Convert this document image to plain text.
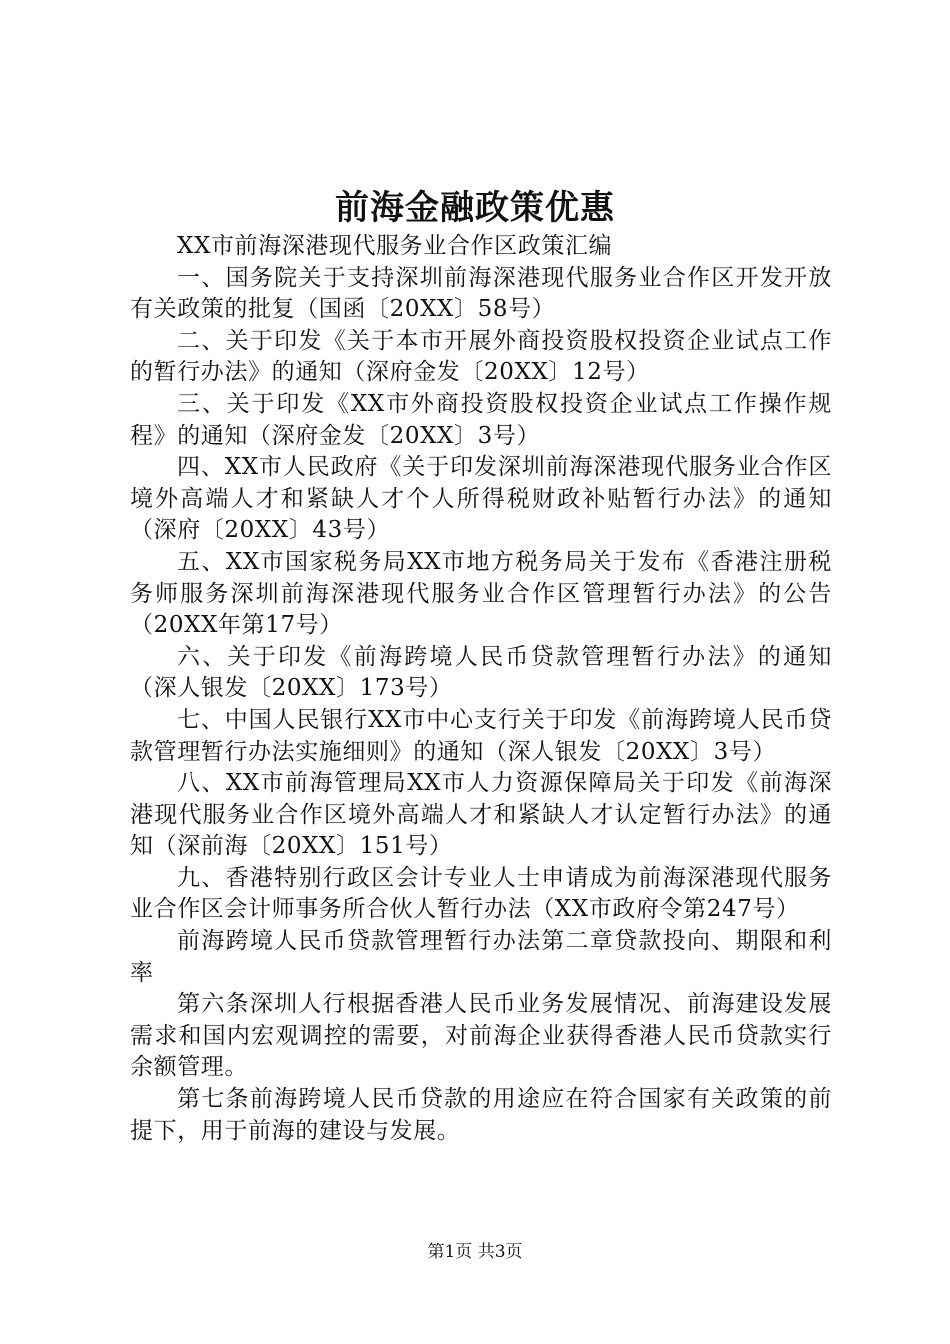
前海金融政策优惠

XX市前海深港现代服务业合作区政策汇编

一、国务院关于支持深圳前海深港现代服务业合作区开发开放有关政策的批复（国函〔20XX〕58号）

二、关于印发《关于本市开展外商投资股权投资企业试点工作的暂行办法》的通知（深府金发〔20XX〕12号）

三、关于印发《XX市外商投资股权投资企业试点工作操作规程》的通知（深府金发〔20XX〕3号）

四、XX市人民政府《关于印发深圳前海深港现代服务业合作区境外高端人才和紧缺人才个人所得税财政补贴暂行办法》的通知（深府〔20XX〕43号）

五、XX市国家税务局XX市地方税务局关于发布《香港注册税务师服务深圳前海深港现代服务业合作区管理暂行办法》的公告（20XX年第17号）

六、关于印发《前海跨境人民币贷款管理暂行办法》的通知（深人银发〔20XX〕173号）

七、中国人民银行XX市中心支行关于印发《前海跨境人民币贷款管理暂行办法实施细则》的通知（深人银发〔20XX〕3号）

八、XX市前海管理局XX市人力资源保障局关于印发《前海深港现代服务业合作区境外高端人才和紧缺人才认定暂行办法》的通知（深前海〔20XX〕151号）

九、香港特别行政区会计专业人士申请成为前海深港现代服务业合作区会计师事务所合伙人暂行办法（XX市政府令第247号）

前海跨境人民币贷款管理暂行办法第二章贷款投向、期限和利率

第六条深圳人行根据香港人民币业务发展情况、前海建设发展需求和国内宏观调控的需要，对前海企业获得香港人民币贷款实行余额管理。

第七条前海跨境人民币贷款的用途应在符合国家有关政策的前提下，用于前海的建设与发展。

第1页 共3页
